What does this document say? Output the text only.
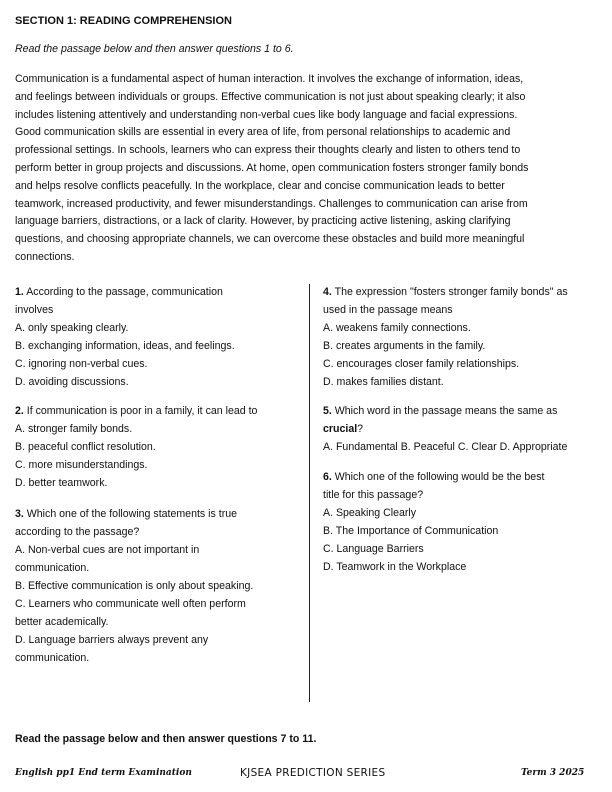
SECTION 1: READING COMPREHENSION
Read the passage below and then answer questions 1 to 6.
Communication is a fundamental aspect of human interaction. It involves the exchange of information, ideas,
and feelings between individuals or groups. Effective communication is not just about speaking clearly; it also
includes listening attentively and understanding non-verbal cues like body language and facial expressions.
Good communication skills are essential in every area of life, from personal relationships to academic and
professional settings. In schools, learners who can express their thoughts clearly and listen to others tend to
perform better in group projects and discussions. At home, open communication fosters stronger family bonds
and helps resolve conflicts peacefully. In the workplace, clear and concise communication leads to better
teamwork, increased productivity, and fewer misunderstandings. Challenges to communication can arise from
language barriers, distractions, or a lack of clarity. However, by practicing active listening, asking clarifying
questions, and choosing appropriate channels, we can overcome these obstacles and build more meaningful
connections.
1. According to the passage, communication
involves
A. only speaking clearly.
B. exchanging information, ideas, and feelings.
C. ignoring non-verbal cues.
D. avoiding discussions.
2. If communication is poor in a family, it can lead to
A. stronger family bonds.
B. peaceful conflict resolution.
C. more misunderstandings.
D. better teamwork.
3. Which one of the following statements is true
according to the passage?
A. Non-verbal cues are not important in
communication.
B. Effective communication is only about speaking.
C. Learners who communicate well often perform
better academically.
D. Language barriers always prevent any
communication.
4. The expression "fosters stronger family bonds" as
used in the passage means
A. weakens family connections.
B. creates arguments in the family.
C. encourages closer family relationships.
D. makes families distant.
5. Which word in the passage means the same as
crucial?
A. Fundamental B. Peaceful C. Clear D. Appropriate
6. Which one of the following would be the best
title for this passage?
A. Speaking Clearly
B. The Importance of Communication
C. Language Barriers
D. Teamwork in the Workplace
Read the passage below and then answer questions 7 to 11.
English pp1 End term Examination	KJSEA PREDICTION SERIES	Term 3 2025
